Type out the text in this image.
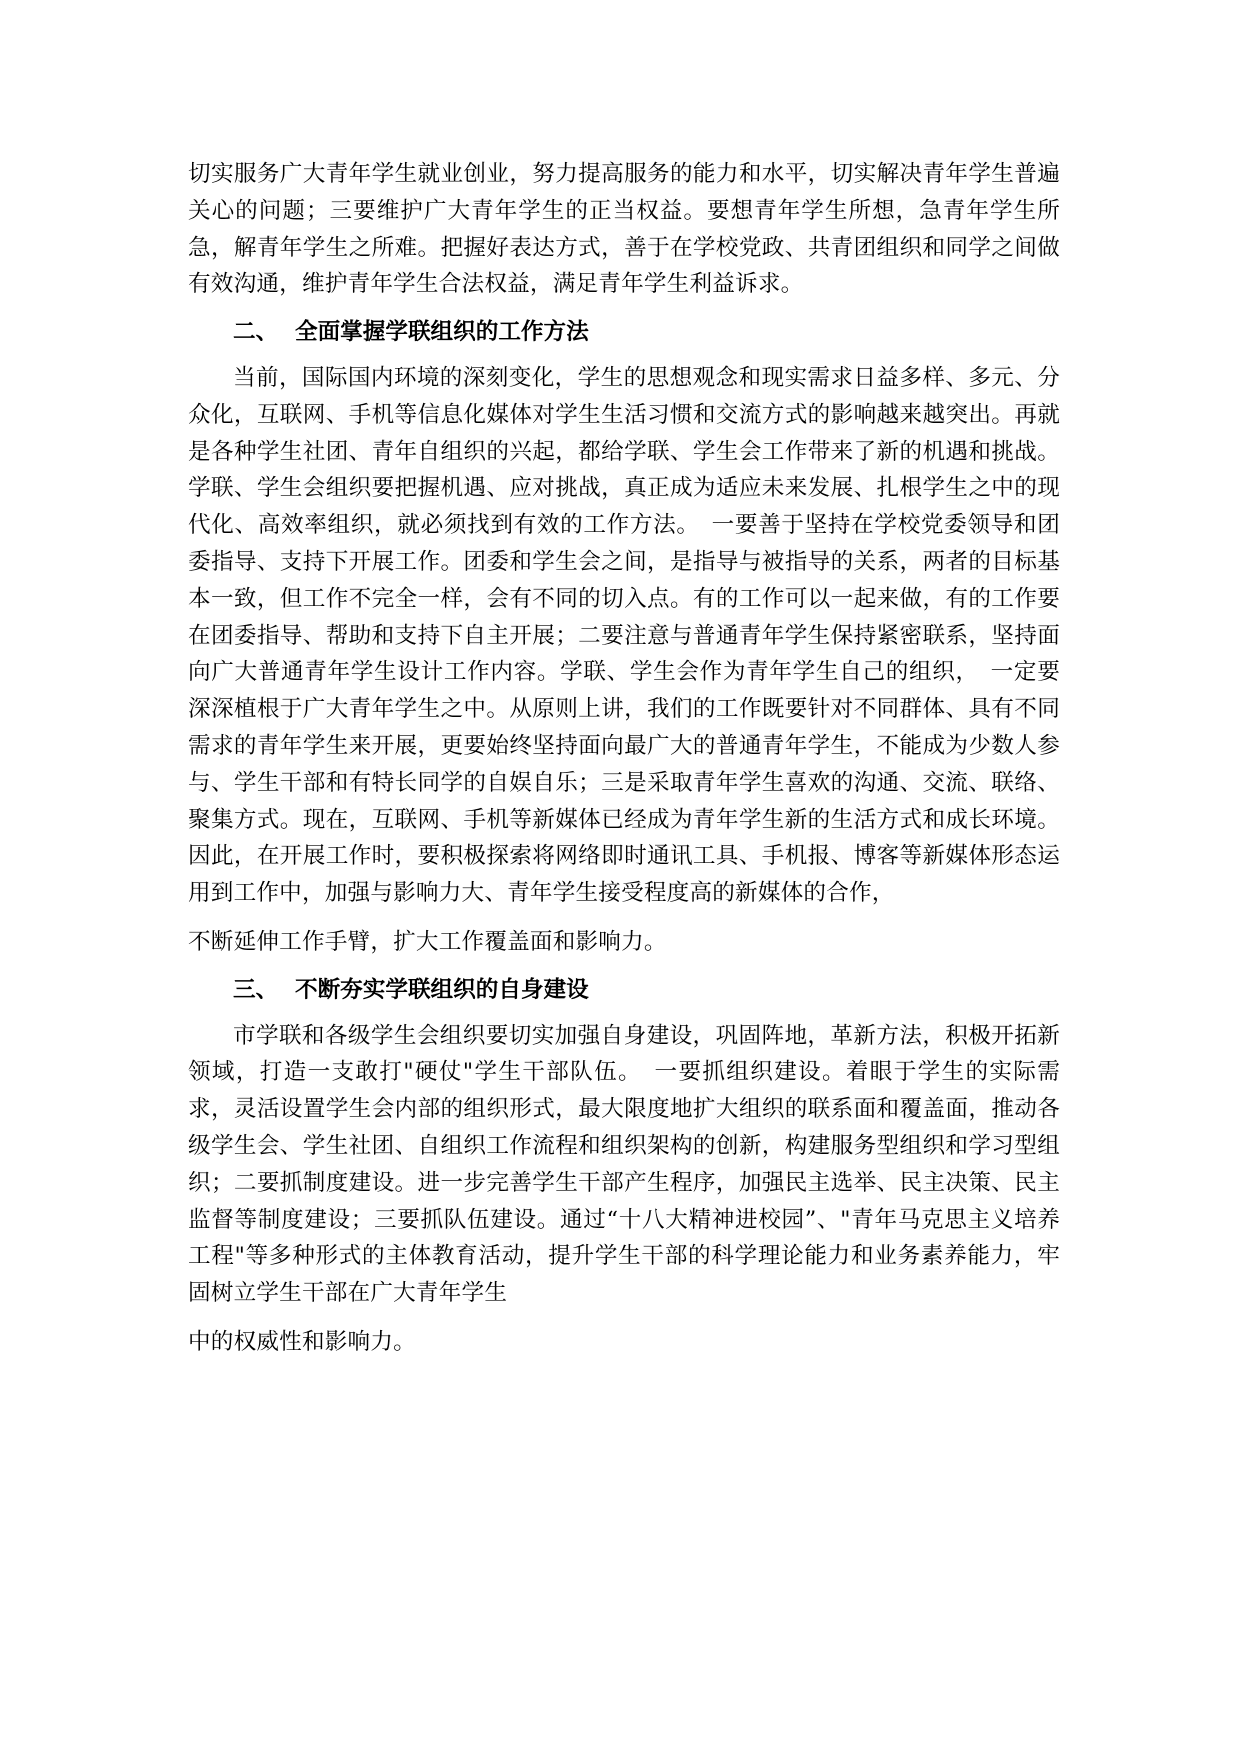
切实服务广大青年学生就业创业，努力提高服务的能力和水平，切实解决青年学生普遍关心的问题；三要维护广大青年学生的正当权益。要想青年学生所想，急青年学生所急，解青年学生之所难。把握好表达方式，善于在学校党政、共青团组织和同学之间做有效沟通，维护青年学生合法权益，满足青年学生利益诉求。

二、 全面掌握学联组织的工作方法

当前，国际国内环境的深刻变化，学生的思想观念和现实需求日益多样、多元、分众化，互联网、手机等信息化媒体对学生生活习惯和交流方式的影响越来越突出。再就是各种学生社团、青年自组织的兴起，都给学联、学生会工作带来了新的机遇和挑战。学联、学生会组织要把握机遇、应对挑战，真正成为适应未来发展、扎根学生之中的现代化、高效率组织，就必须找到有效的工作方法。　一要善于坚持在学校党委领导和团委指导、支持下开展工作。团委和学生会之间，是指导与被指导的关系，两者的目标基本一致，但工作不完全一样，会有不同的切入点。有的工作可以一起来做，有的工作要在团委指导、帮助和支持下自主开展；二要注意与普通青年学生保持紧密联系，坚持面向广大普通青年学生设计工作内容。学联、学生会作为青年学生自己的组织，　一定要深深植根于广大青年学生之中。从原则上讲，我们的工作既要针对不同群体、具有不同需求的青年学生来开展，更要始终坚持面向最广大的普通青年学生，不能成为少数人参与、学生干部和有特长同学的自娱自乐；三是采取青年学生喜欢的沟通、交流、联络、聚集方式。现在，互联网、手机等新媒体已经成为青年学生新的生活方式和成长环境。因此，在开展工作时，要积极探索将网络即时通讯工具、手机报、博客等新媒体形态运用到工作中，加强与影响力大、青年学生接受程度高的新媒体的合作，

不断延伸工作手臂，扩大工作覆盖面和影响力。

三、 不断夯实学联组织的自身建设

市学联和各级学生会组织要切实加强自身建设，巩固阵地，革新方法，积极开拓新领域，打造一支敢打"硬仗"学生干部队伍。　一要抓组织建设。着眼于学生的实际需求，灵活设置学生会内部的组织形式，最大限度地扩大组织的联系面和覆盖面，推动各级学生会、学生社团、自组织工作流程和组织架构的创新，构建服务型组织和学习型组织；二要抓制度建设。进一步完善学生干部产生程序，加强民主选举、民主决策、民主监督等制度建设；三要抓队伍建设。通过“十八大精神进校园”、"青年马克思主义培养工程"等多种形式的主体教育活动，提升学生干部的科学理论能力和业务素养能力，牢固树立学生干部在广大青年学生

中的权威性和影响力。
